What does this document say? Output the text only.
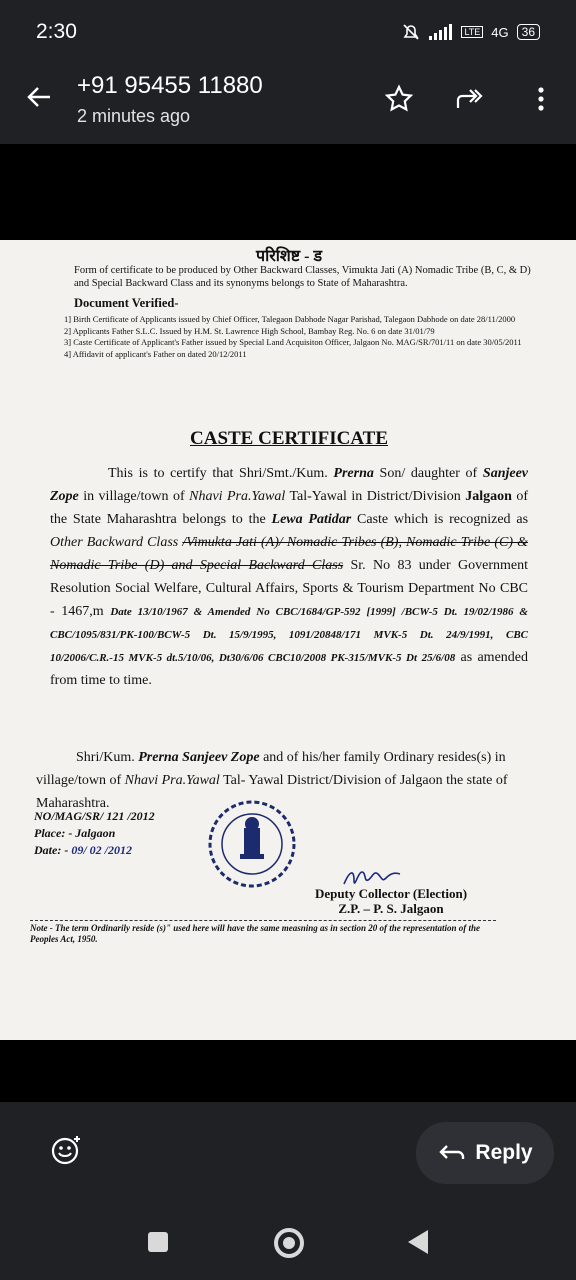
2:30	LTE 4G	36
+91 95455 11880
2 minutes ago
परिशिष्ट - ड
Form of certificate to be produced by Other Backward Classes, Vimukta Jati (A) Nomadic Tribe (B, C, & D) and Special Backward Class and its synonyms belongs to State of Maharashtra.
Document Verified-
1] Birth Certificate of Applicants issued by Chief Officer, Talegaon Dabhode Nagar Parishad, Talegaon Dabhode on date 28/11/2000
2] Applicants Father S.L.C. Issued by H.M. St. Lawrence High School, Bambay Reg. No. 6 on date 31/01/79
3] Caste Certificate of Applicant's Father issued by Special Land Acquisiton Officer, Jalgaon No. MAG/SR/701/11 on date 30/05/2011
4] Affidavit of applicant's Father on dated 20/12/2011
CASTE CERTIFICATE
This is to certify that Shri/Smt./Kum. Prerna Son/ daughter of Sanjeev Zope in village/town of Nhavi Pra.Yawal Tal-Yawal in District/Division Jalgaon of the State Maharashtra belongs to the Lewa Patidar Caste which is recognized as Other Backward Class /Vimukta Jati (A)/ Nomadic Tribes (B), Nomadic Tribe (C) & Nomadic Tribe (D) and Special Backward Class Sr. No 83 under Government Resolution Social Welfare, Cultural Affairs, Sports & Tourism Department No CBC - 1467,m Date 13/10/1967 & Amended No CBC/1684/GP-592 [1999] /BCW-5 Dt. 19/02/1986 & CBC/1095/831/PK-100/BCW-5 Dt. 15/9/1995, 1091/20848/171 MVK-5 Dt. 24/9/1991, CBC 10/2006/C.R.-15 MVK-5 dt.5/10/06, Dt30/6/06 CBC10/2008 PK-315/MVK-5 Dt 25/6/08 as amended from time to time.
Shri/Kum. Prerna Sanjeev Zope and of his/her family Ordinary resides(s) in village/town of Nhavi Pra.Yawal Tal- Yawal District/Division of Jalgaon the state of Maharashtra.
NO/MAG/SR/ 121 /2012
Place: - Jalgaon
Date: - 09/ 02 /2012
Deputy Collector (Election)
Z.P. – P. S. Jalgaon
Note - The term Ordinarily reside (s)" used here will have the same measning as in section 20 of the representation of the Peoples Act, 1950.
Reply
